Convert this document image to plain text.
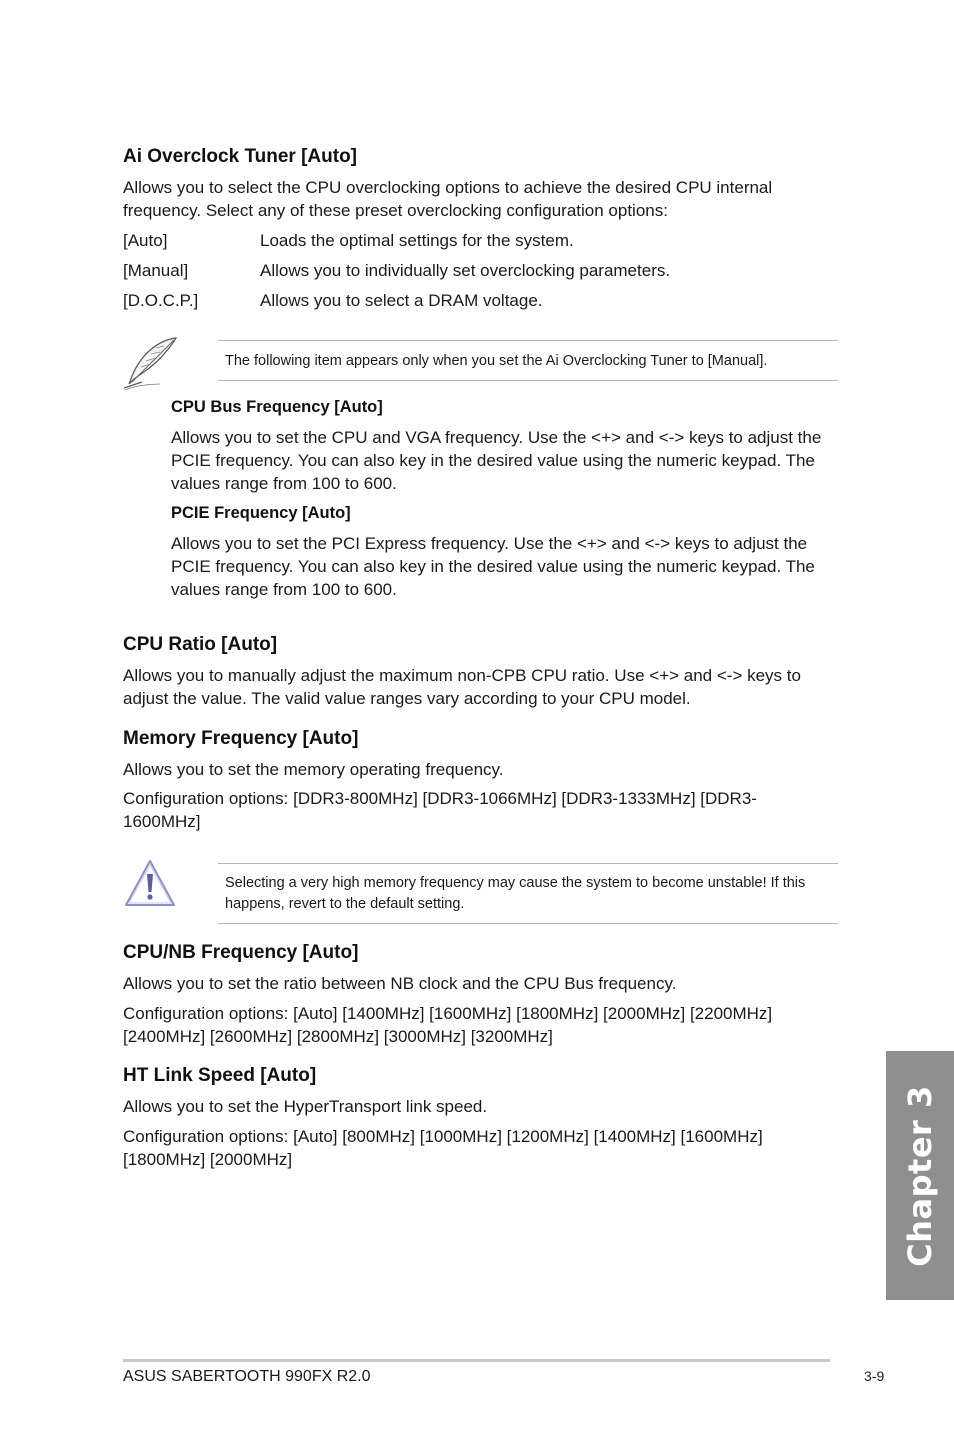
Ai Overclock Tuner [Auto]
Allows you to select the CPU overclocking options to achieve the desired CPU internal
frequency. Select any of these preset overclocking configuration options:
[Auto]	Loads the optimal settings for the system.
[Manual]	Allows you to individually set overclocking parameters.
[D.O.C.P.]	Allows you to select a DRAM voltage.
The following item appears only when you set the Ai Overclocking Tuner to [Manual].
CPU Bus Frequency [Auto]
Allows you to set the CPU and VGA frequency. Use the <+> and <-> keys to adjust the
PCIE frequency. You can also key in the desired value using the numeric keypad. The
values range from 100 to 600.
PCIE Frequency [Auto]
Allows you to set the PCI Express frequency. Use the <+> and <-> keys to adjust the
PCIE frequency. You can also key in the desired value using the numeric keypad. The
values range from 100 to 600.
CPU Ratio [Auto]
Allows you to manually adjust the maximum non-CPB CPU ratio. Use <+> and <-> keys to
adjust the value. The valid value ranges vary according to your CPU model.
Memory Frequency [Auto]
Allows you to set the memory operating frequency.
Configuration options: [DDR3-800MHz] [DDR3-1066MHz] [DDR3-1333MHz] [DDR3-
1600MHz]
Selecting a very high memory frequency may cause the system to become unstable! If this
happens, revert to the default setting.
CPU/NB Frequency [Auto]
Allows you to set the ratio between NB clock and the CPU Bus frequency.
Configuration options: [Auto] [1400MHz] [1600MHz] [1800MHz] [2000MHz] [2200MHz]
[2400MHz] [2600MHz] [2800MHz] [3000MHz] [3200MHz]
HT Link Speed [Auto]
Allows you to set the HyperTransport link speed.
Configuration options: [Auto] [800MHz] [1000MHz] [1200MHz] [1400MHz] [1600MHz]
[1800MHz] [2000MHz]	Chapter 3
ASUS SABERTOOTH 990FX R2.0	3-9
